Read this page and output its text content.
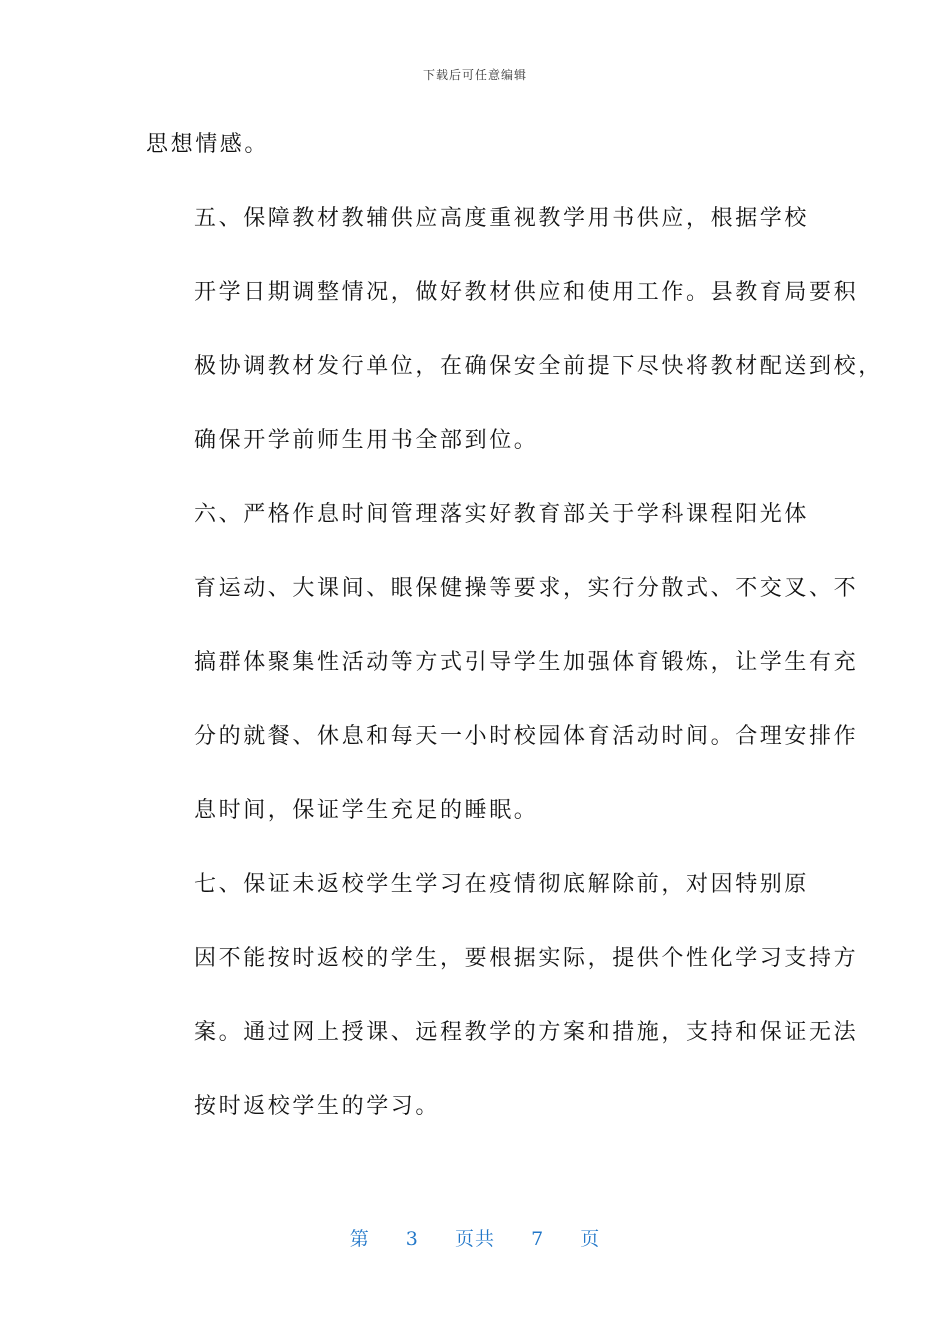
下载后可任意编辑

思想情感。

五、保障教材教辅供应高度重视教学用书供应，根据学校
开学日期调整情况，做好教材供应和使用工作。县教育局要积
极协调教材发行单位，在确保安全前提下尽快将教材配送到校，
确保开学前师生用书全部到位。

六、严格作息时间管理落实好教育部关于学科课程阳光体
育运动、大课间、眼保健操等要求，实行分散式、不交叉、不
搞群体聚集性活动等方式引导学生加强体育锻炼，让学生有充
分的就餐、休息和每天一小时校园体育活动时间。合理安排作
息时间，保证学生充足的睡眠。

七、保证未返校学生学习在疫情彻底解除前，对因特别原
因不能按时返校的学生，要根据实际，提供个性化学习支持方
案。通过网上授课、远程教学的方案和措施，支持和保证无法
按时返校学生的学习。

第 3 页共 7 页
